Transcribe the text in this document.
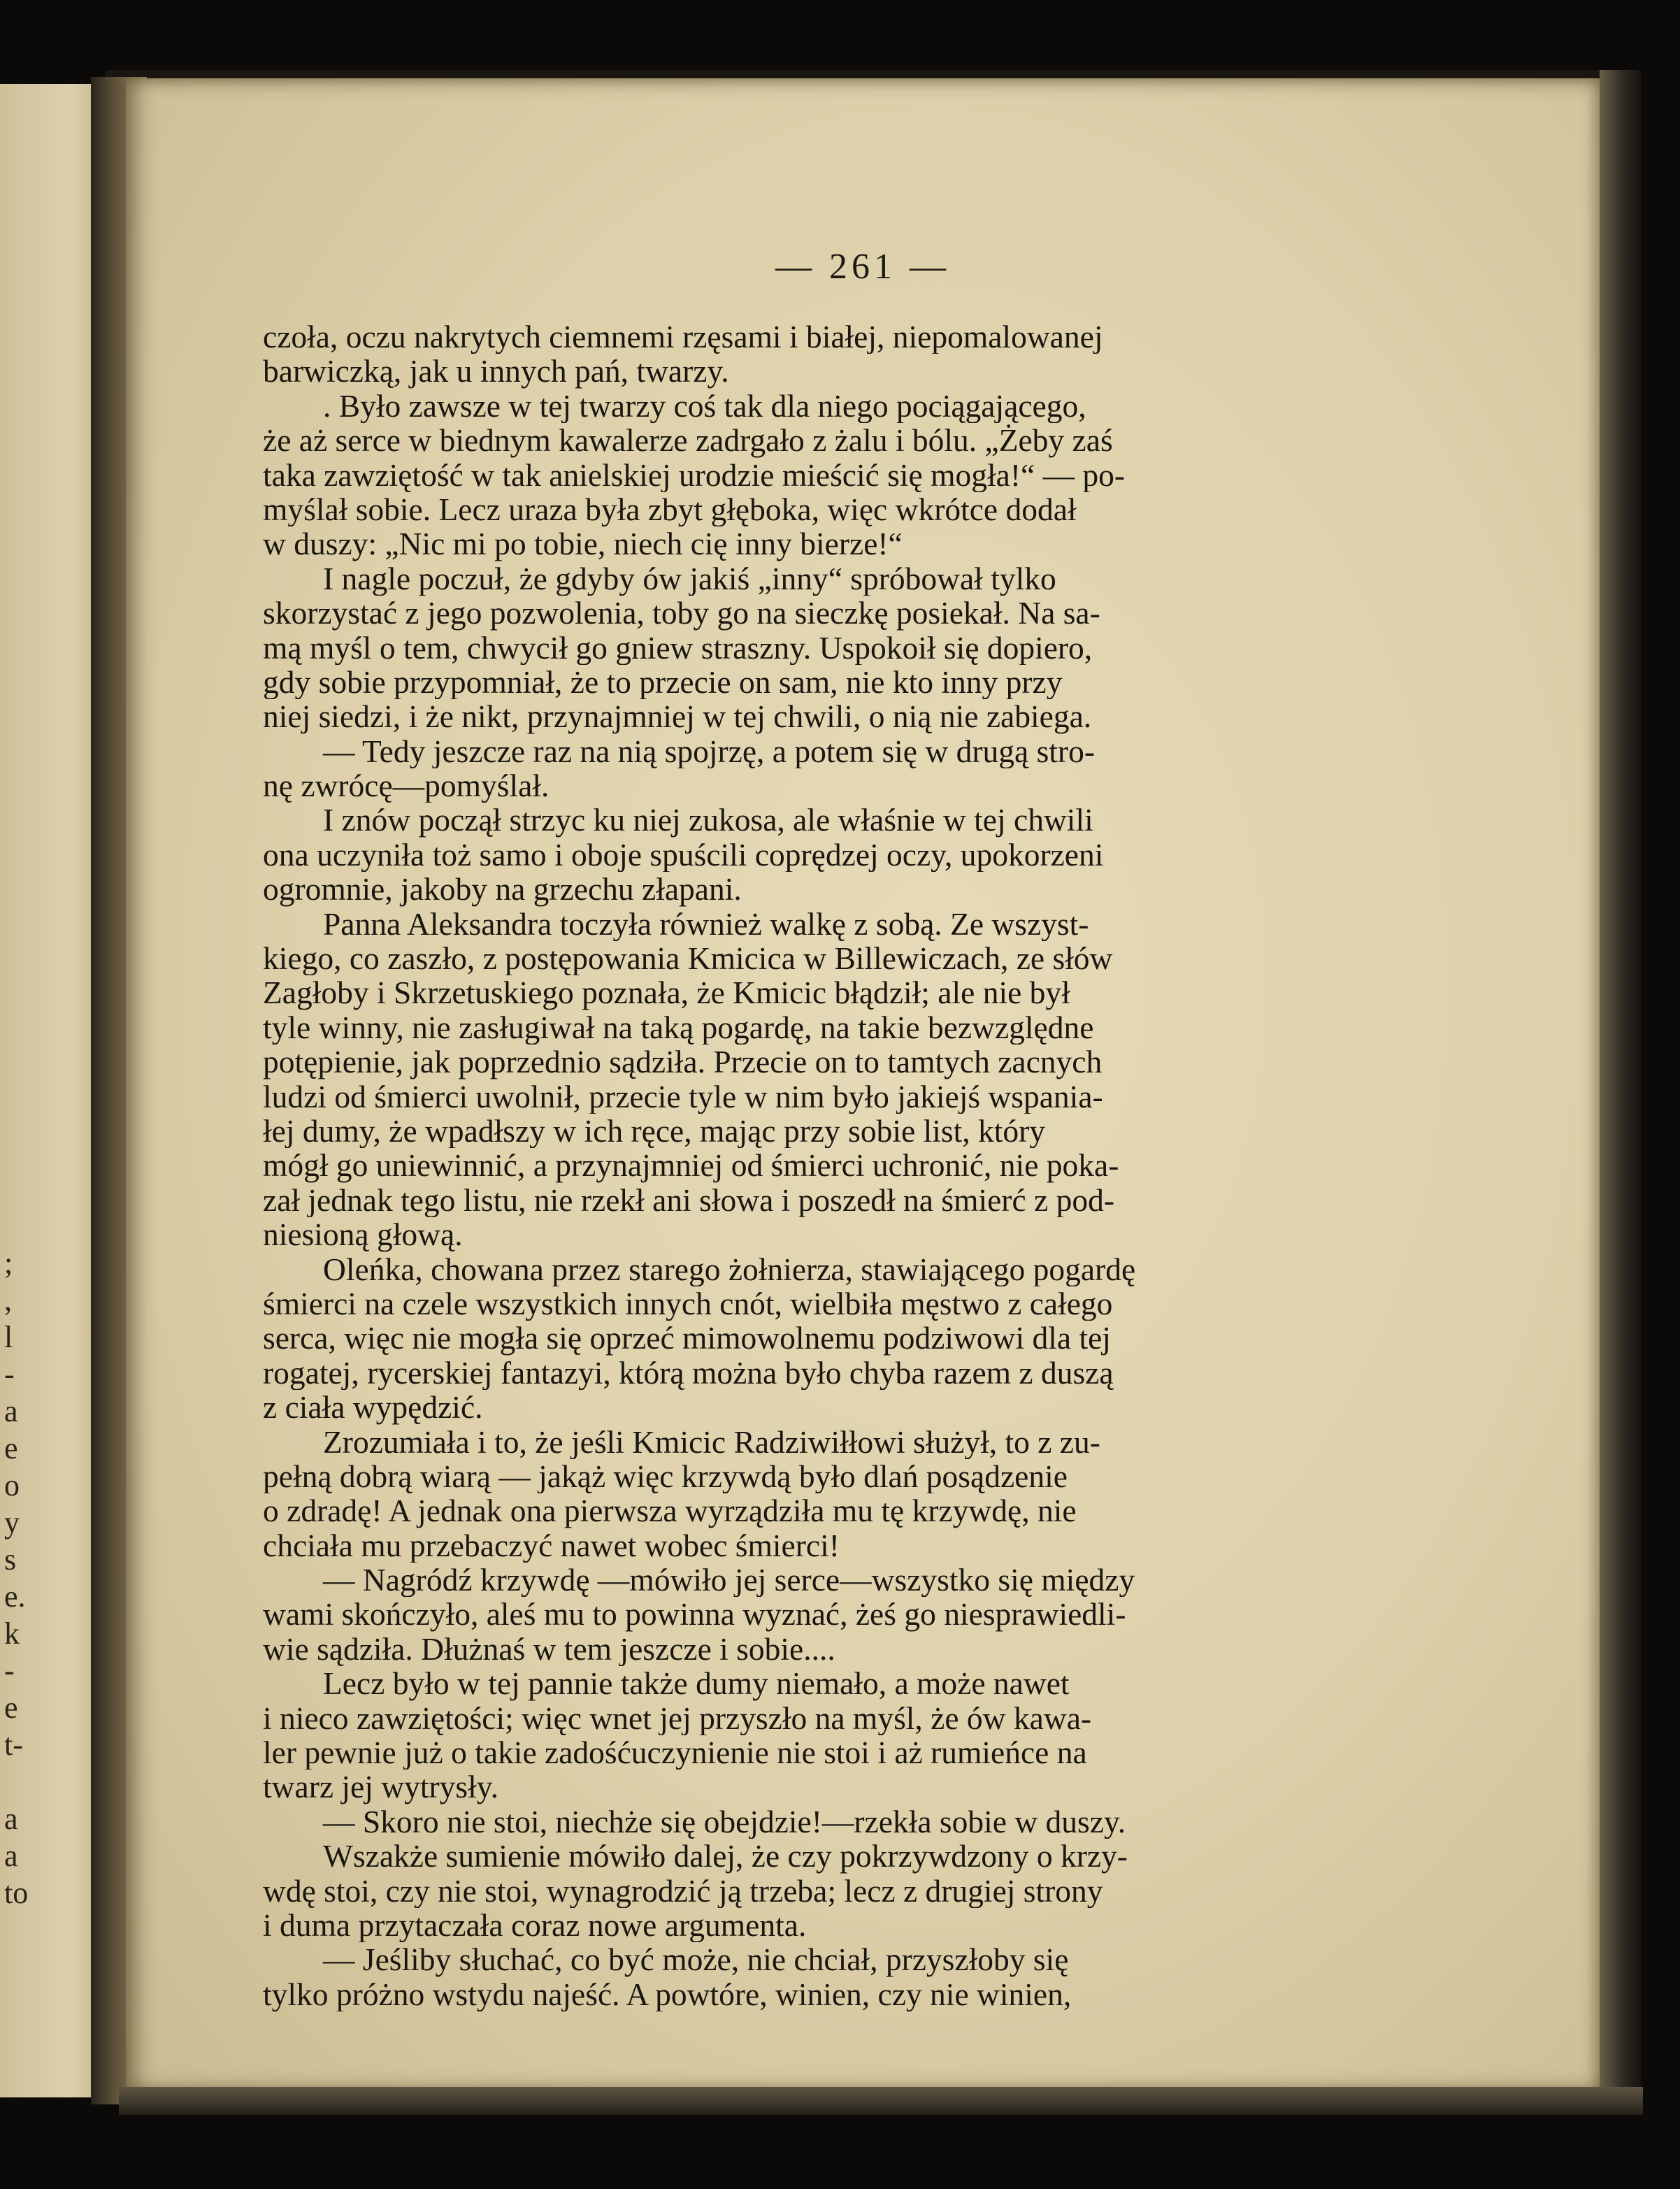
;
,
l
-
a
e
o
y
s
e.
k
-
e
t-
a
a
to
— 261 —
czoła, oczu nakrytych ciemnemi rzęsami i białej, niepomalowanej
barwiczką, jak u innych pań, twarzy.
. Było zawsze w tej twarzy coś tak dla niego pociągającego,
że aż serce w biednym kawalerze zadrgało z żalu i bólu. „Żeby zaś
taka zawziętość w tak anielskiej urodzie mieścić się mogła!“ — po-
myślał sobie. Lecz uraza była zbyt głęboka, więc wkrótce dodał
w duszy: „Nic mi po tobie, niech cię inny bierze!“
I nagle poczuł, że gdyby ów jakiś „inny“ spróbował tylko
skorzystać z jego pozwolenia, toby go na sieczkę posiekał. Na sa-
mą myśl o tem, chwycił go gniew straszny. Uspokoił się dopiero,
gdy sobie przypomniał, że to przecie on sam, nie kto inny przy
niej siedzi, i że nikt, przynajmniej w tej chwili, o nią nie zabiega.
— Tedy jeszcze raz na nią spojrzę, a potem się w drugą stro-
nę zwrócę—pomyślał.
I znów począł strzyc ku niej zukosa, ale właśnie w tej chwili
ona uczyniła toż samo i oboje spuścili coprędzej oczy, upokorzeni
ogromnie, jakoby na grzechu złapani.
Panna Aleksandra toczyła również walkę z sobą. Ze wszyst-
kiego, co zaszło, z postępowania Kmicica w Billewiczach, ze słów
Zagłoby i Skrzetuskiego poznała, że Kmicic błądził; ale nie był
tyle winny, nie zasługiwał na taką pogardę, na takie bezwzględne
potępienie, jak poprzednio sądziła. Przecie on to tamtych zacnych
ludzi od śmierci uwolnił, przecie tyle w nim było jakiejś wspania-
łej dumy, że wpadłszy w ich ręce, mając przy sobie list, który
mógł go uniewinnić, a przynajmniej od śmierci uchronić, nie poka-
zał jednak tego listu, nie rzekł ani słowa i poszedł na śmierć z pod-
niesioną głową.
Oleńka, chowana przez starego żołnierza, stawiającego pogardę
śmierci na czele wszystkich innych cnót, wielbiła męstwo z całego
serca, więc nie mogła się oprzeć mimowolnemu podziwowi dla tej
rogatej, rycerskiej fantazyi, którą można było chyba razem z duszą
z ciała wypędzić.
Zrozumiała i to, że jeśli Kmicic Radziwiłłowi służył, to z zu-
pełną dobrą wiarą — jakąż więc krzywdą było dlań posądzenie
o zdradę! A jednak ona pierwsza wyrządziła mu tę krzywdę, nie
chciała mu przebaczyć nawet wobec śmierci!
— Nagródź krzywdę —mówiło jej serce—wszystko się między
wami skończyło, aleś mu to powinna wyznać, żeś go niesprawiedli-
wie sądziła. Dłużnaś w tem jeszcze i sobie....
Lecz było w tej pannie także dumy niemało, a może nawet
i nieco zawziętości; więc wnet jej przyszło na myśl, że ów kawa-
ler pewnie już o takie zadośćuczynienie nie stoi i aż rumieńce na
twarz jej wytrysły.
— Skoro nie stoi, niechże się obejdzie!—rzekła sobie w duszy.
Wszakże sumienie mówiło dalej, że czy pokrzywdzony o krzy-
wdę stoi, czy nie stoi, wynagrodzić ją trzeba; lecz z drugiej strony
i duma przytaczała coraz nowe argumenta.
— Jeśliby słuchać, co być może, nie chciał, przyszłoby się
tylko próżno wstydu najeść. A powtóre, winien, czy nie winien,
